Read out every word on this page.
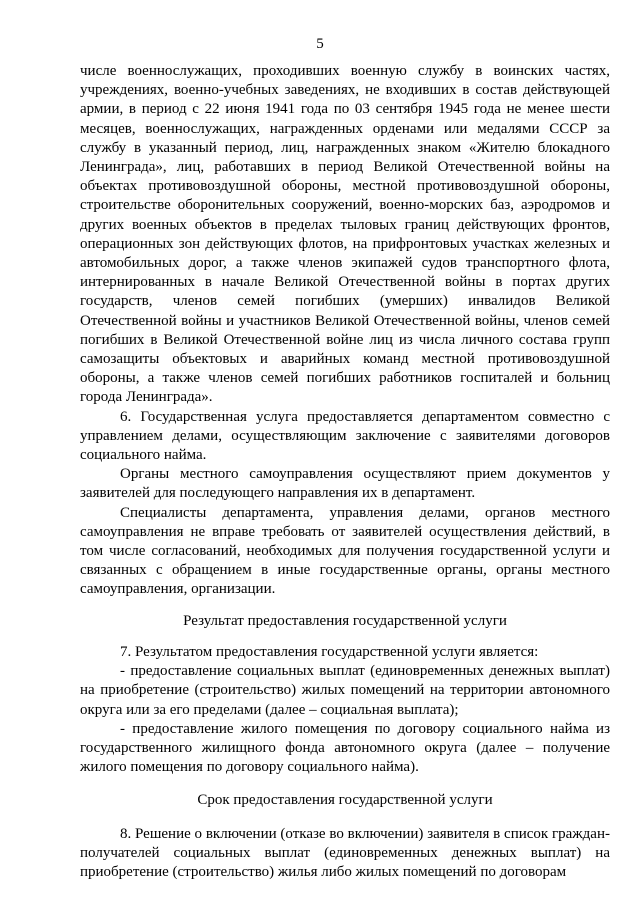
5

числе военнослужащих, проходивших военную службу в воинских частях, учреждениях, военно-учебных заведениях, не входивших в состав действующей армии, в период с 22 июня 1941 года по 03 сентября 1945 года не менее шести месяцев, военнослужащих, награжденных орденами или медалями СССР за службу в указанный период, лиц, награжденных знаком «Жителю блокадного Ленинграда», лиц, работавших в период Великой Отечественной войны на объектах противовоздушной обороны, местной противовоздушной обороны, строительстве оборонительных сооружений, военно-морских баз, аэродромов и других военных объектов в пределах тыловых границ действующих фронтов, операционных зон действующих флотов, на прифронтовых участках железных и автомобильных дорог, а также членов экипажей судов транспортного флота, интернированных в начале Великой Отечественной войны в портах других государств, членов семей погибших (умерших) инвалидов Великой Отечественной войны и участников Великой Отечественной войны, членов семей погибших в Великой Отечественной войне лиц из числа личного состава групп самозащиты объектовых и аварийных команд местной противовоздушной обороны, а также членов семей погибших работников госпиталей и больниц города Ленинграда».

6. Государственная услуга предоставляется департаментом совместно с управлением делами, осуществляющим заключение с заявителями договоров социального найма.

Органы местного самоуправления осуществляют прием документов у заявителей для последующего направления их в департамент.

Специалисты департамента, управления делами, органов местного самоуправления не вправе требовать от заявителей осуществления действий, в том числе согласований, необходимых для получения государственной услуги и связанных с обращением в иные государственные органы, органы местного самоуправления, организации.

Результат предоставления государственной услуги

7. Результатом предоставления государственной услуги является:

- предоставление социальных выплат (единовременных денежных выплат) на приобретение (строительство) жилых помещений на территории автономного округа или за его пределами (далее – социальная выплата);

- предоставление жилого помещения по договору социального найма из государственного жилищного фонда автономного округа (далее – получение жилого помещения по договору социального найма).

Срок предоставления государственной услуги

8. Решение о включении (отказе во включении) заявителя в список граждан-получателей социальных выплат (единовременных денежных выплат) на приобретение (строительство) жилья либо жилых помещений по договорам
